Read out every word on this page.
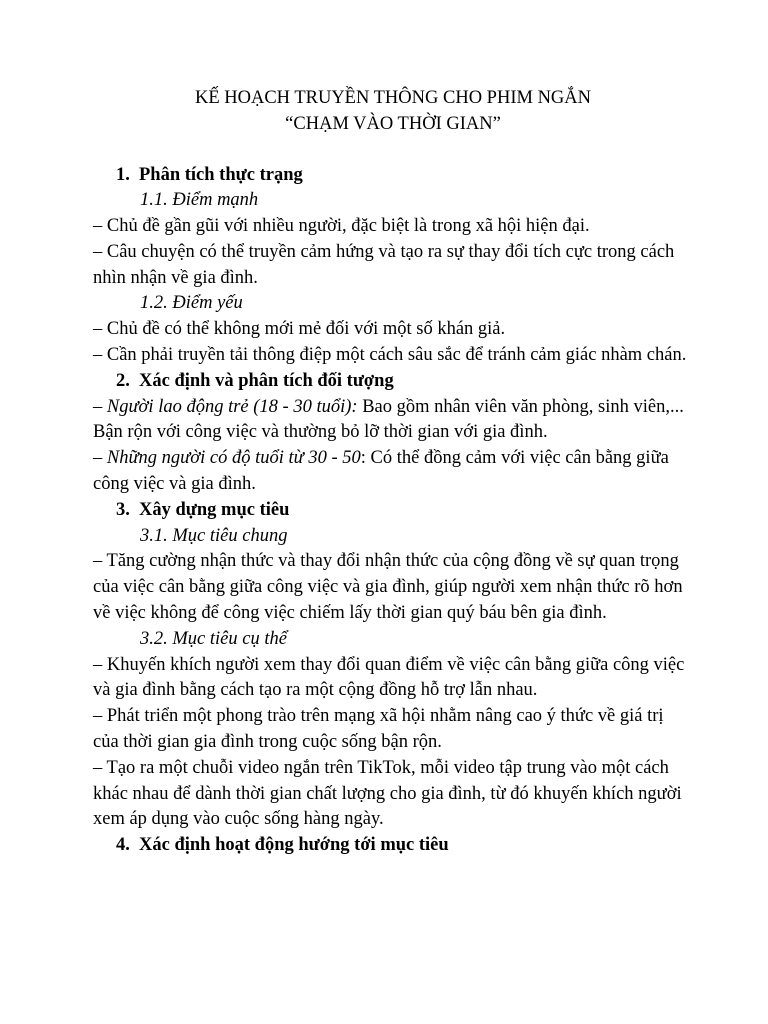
KẾ HOẠCH TRUYỀN THÔNG CHO PHIM NGẮN
“CHẠM VÀO THỜI GIAN”

1. Phân tích thực trạng

1.1. Điểm mạnh

– Chủ đề gần gũi với nhiều người, đặc biệt là trong xã hội hiện đại.

– Câu chuyện có thể truyền cảm hứng và tạo ra sự thay đổi tích cực trong cách nhìn nhận về gia đình.

1.2. Điểm yếu

– Chủ đề có thể không mới mẻ đối với một số khán giả.

– Cần phải truyền tải thông điệp một cách sâu sắc để tránh cảm giác nhàm chán.

2. Xác định và phân tích đối tượng

– Người lao động trẻ (18 - 30 tuổi): Bao gồm nhân viên văn phòng, sinh viên,... Bận rộn với công việc và thường bỏ lỡ thời gian với gia đình.

– Những người có độ tuổi từ 30 - 50: Có thể đồng cảm với việc cân bằng giữa công việc và gia đình.

3. Xây dựng mục tiêu

3.1. Mục tiêu chung

– Tăng cường nhận thức và thay đổi nhận thức của cộng đồng về sự quan trọng của việc cân bằng giữa công việc và gia đình, giúp người xem nhận thức rõ hơn về việc không để công việc chiếm lấy thời gian quý báu bên gia đình.

3.2. Mục tiêu cụ thể

– Khuyến khích người xem thay đổi quan điểm về việc cân bằng giữa công việc và gia đình bằng cách tạo ra một cộng đồng hỗ trợ lẫn nhau.

– Phát triển một phong trào trên mạng xã hội nhằm nâng cao ý thức về giá trị của thời gian gia đình trong cuộc sống bận rộn.

– Tạo ra một chuỗi video ngắn trên TikTok, mỗi video tập trung vào một cách khác nhau để dành thời gian chất lượng cho gia đình, từ đó khuyến khích người xem áp dụng vào cuộc sống hàng ngày.

4. Xác định hoạt động hướng tới mục tiêu
